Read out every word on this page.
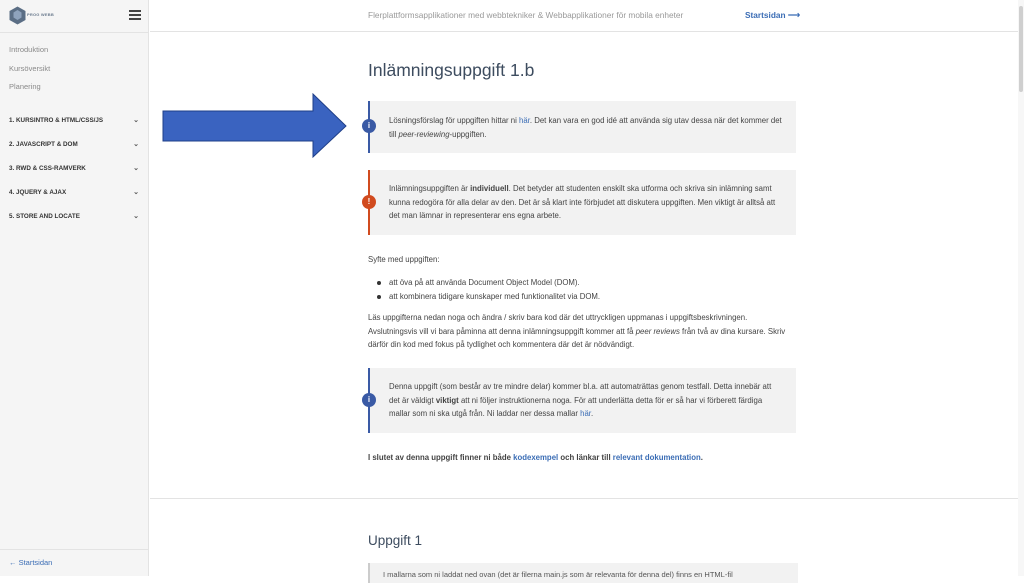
PROG WEBB
Introduktion
Kursöversikt
Planering
1. KURSINTRO & HTML/CSS/JS	⌄
2. JAVASCRIPT & DOM	⌄
3. RWD & CSS-RAMVERK	⌄
4. JQUERY & AJAX	⌄
5. STORE AND LOCATE	⌄
← Startsidan
Flerplattformsapplikationer med webbtekniker & Webbapplikationer för mobila enheter	Startsidan ⟶
Inlämningsuppgift 1.b
i
Lösningsförslag för uppgiften hittar ni här. Det kan vara en god idé att använda sig utav dessa när det kommer det till peer-reviewing-uppgiften.
!
Inlämningsuppgiften är individuell. Det betyder att studenten enskilt ska utforma och skriva sin inlämning samt kunna redogöra för alla delar av den. Det är så klart inte förbjudet att diskutera uppgiften. Men viktigt är alltså att det man lämnar in representerar ens egna arbete.
Syfte med uppgiften:
att öva på att använda Document Object Model (DOM).
att kombinera tidigare kunskaper med funktionalitet via DOM.
Läs uppgifterna nedan noga och ändra / skriv bara kod där det uttryckligen uppmanas i uppgiftsbeskrivningen. Avslutningsvis vill vi bara påminna att denna inlämningsuppgift kommer att få peer reviews från två av dina kursare. Skriv därför din kod med fokus på tydlighet och kommentera där det är nödvändigt.
i
Denna uppgift (som består av tre mindre delar) kommer bl.a. att automaträttas genom testfall. Detta innebär att det är väldigt viktigt att ni följer instruktionerna noga. För att underlätta detta för er så har vi förberett färdiga mallar som ni ska utgå från. Ni laddar ner dessa mallar här.
I slutet av denna uppgift finner ni både kodexempel och länkar till relevant dokumentation.
Uppgift 1
I mallarna som ni laddat ned ovan (det är filerna main.js som är relevanta för denna del) finns en HTML-fil
